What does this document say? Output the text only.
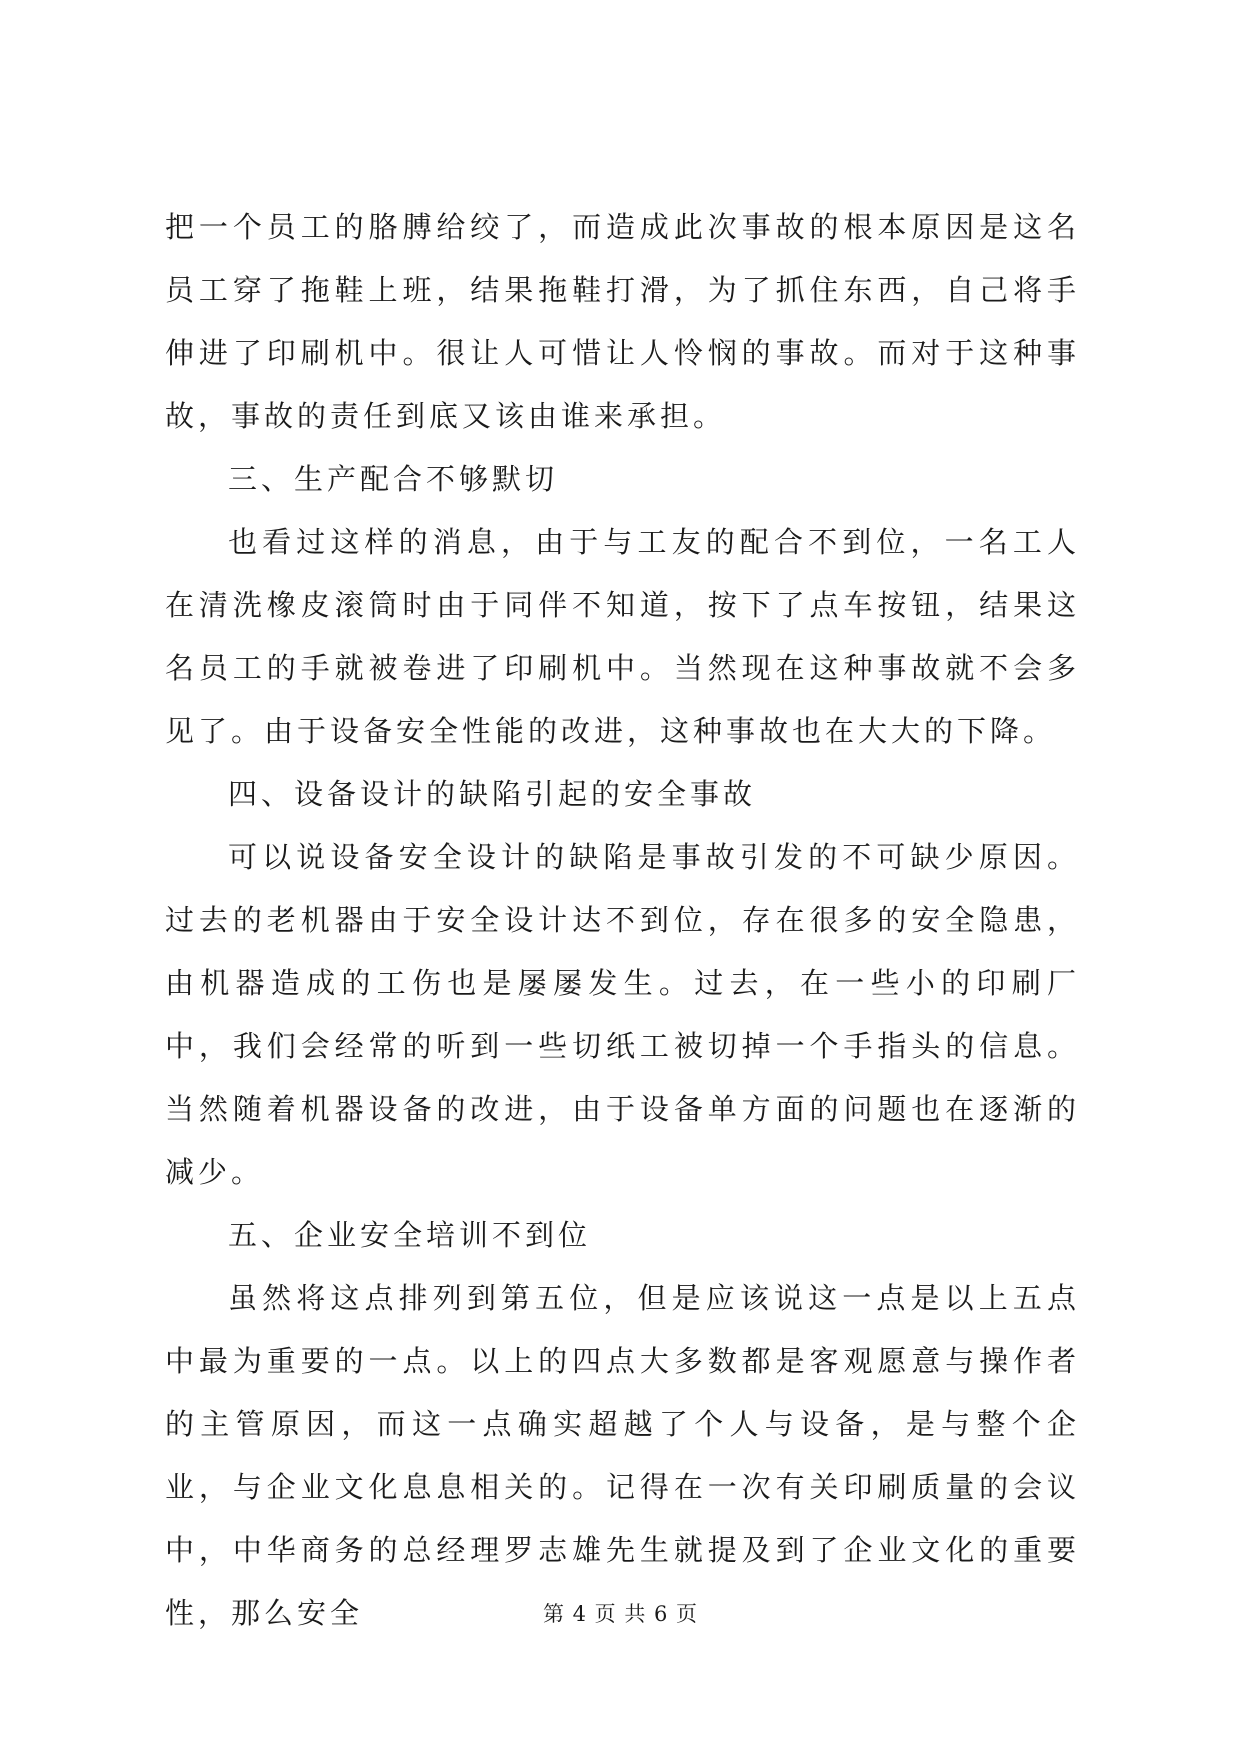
把一个员工的胳膊给绞了，而造成此次事故的根本原因是这名员工穿了拖鞋上班，结果拖鞋打滑，为了抓住东西，自己将手伸进了印刷机中。很让人可惜让人怜悯的事故。而对于这种事故，事故的责任到底又该由谁来承担。

三、生产配合不够默切

也看过这样的消息，由于与工友的配合不到位，一名工人在清洗橡皮滚筒时由于同伴不知道，按下了点车按钮，结果这名员工的手就被卷进了印刷机中。当然现在这种事故就不会多见了。由于设备安全性能的改进，这种事故也在大大的下降。

四、设备设计的缺陷引起的安全事故

可以说设备安全设计的缺陷是事故引发的不可缺少原因。过去的老机器由于安全设计达不到位，存在很多的安全隐患，由机器造成的工伤也是屡屡发生。过去，在一些小的印刷厂中，我们会经常的听到一些切纸工被切掉一个手指头的信息。当然随着机器设备的改进，由于设备单方面的问题也在逐渐的减少。

五、企业安全培训不到位

虽然将这点排列到第五位，但是应该说这一点是以上五点中最为重要的一点。以上的四点大多数都是客观愿意与操作者的主管原因，而这一点确实超越了个人与设备，是与整个企业，与企业文化息息相关的。记得在一次有关印刷质量的会议中，中华商务的总经理罗志雄先生就提及到了企业文化的重要性，那么安全	第 4 页 共 6 页
